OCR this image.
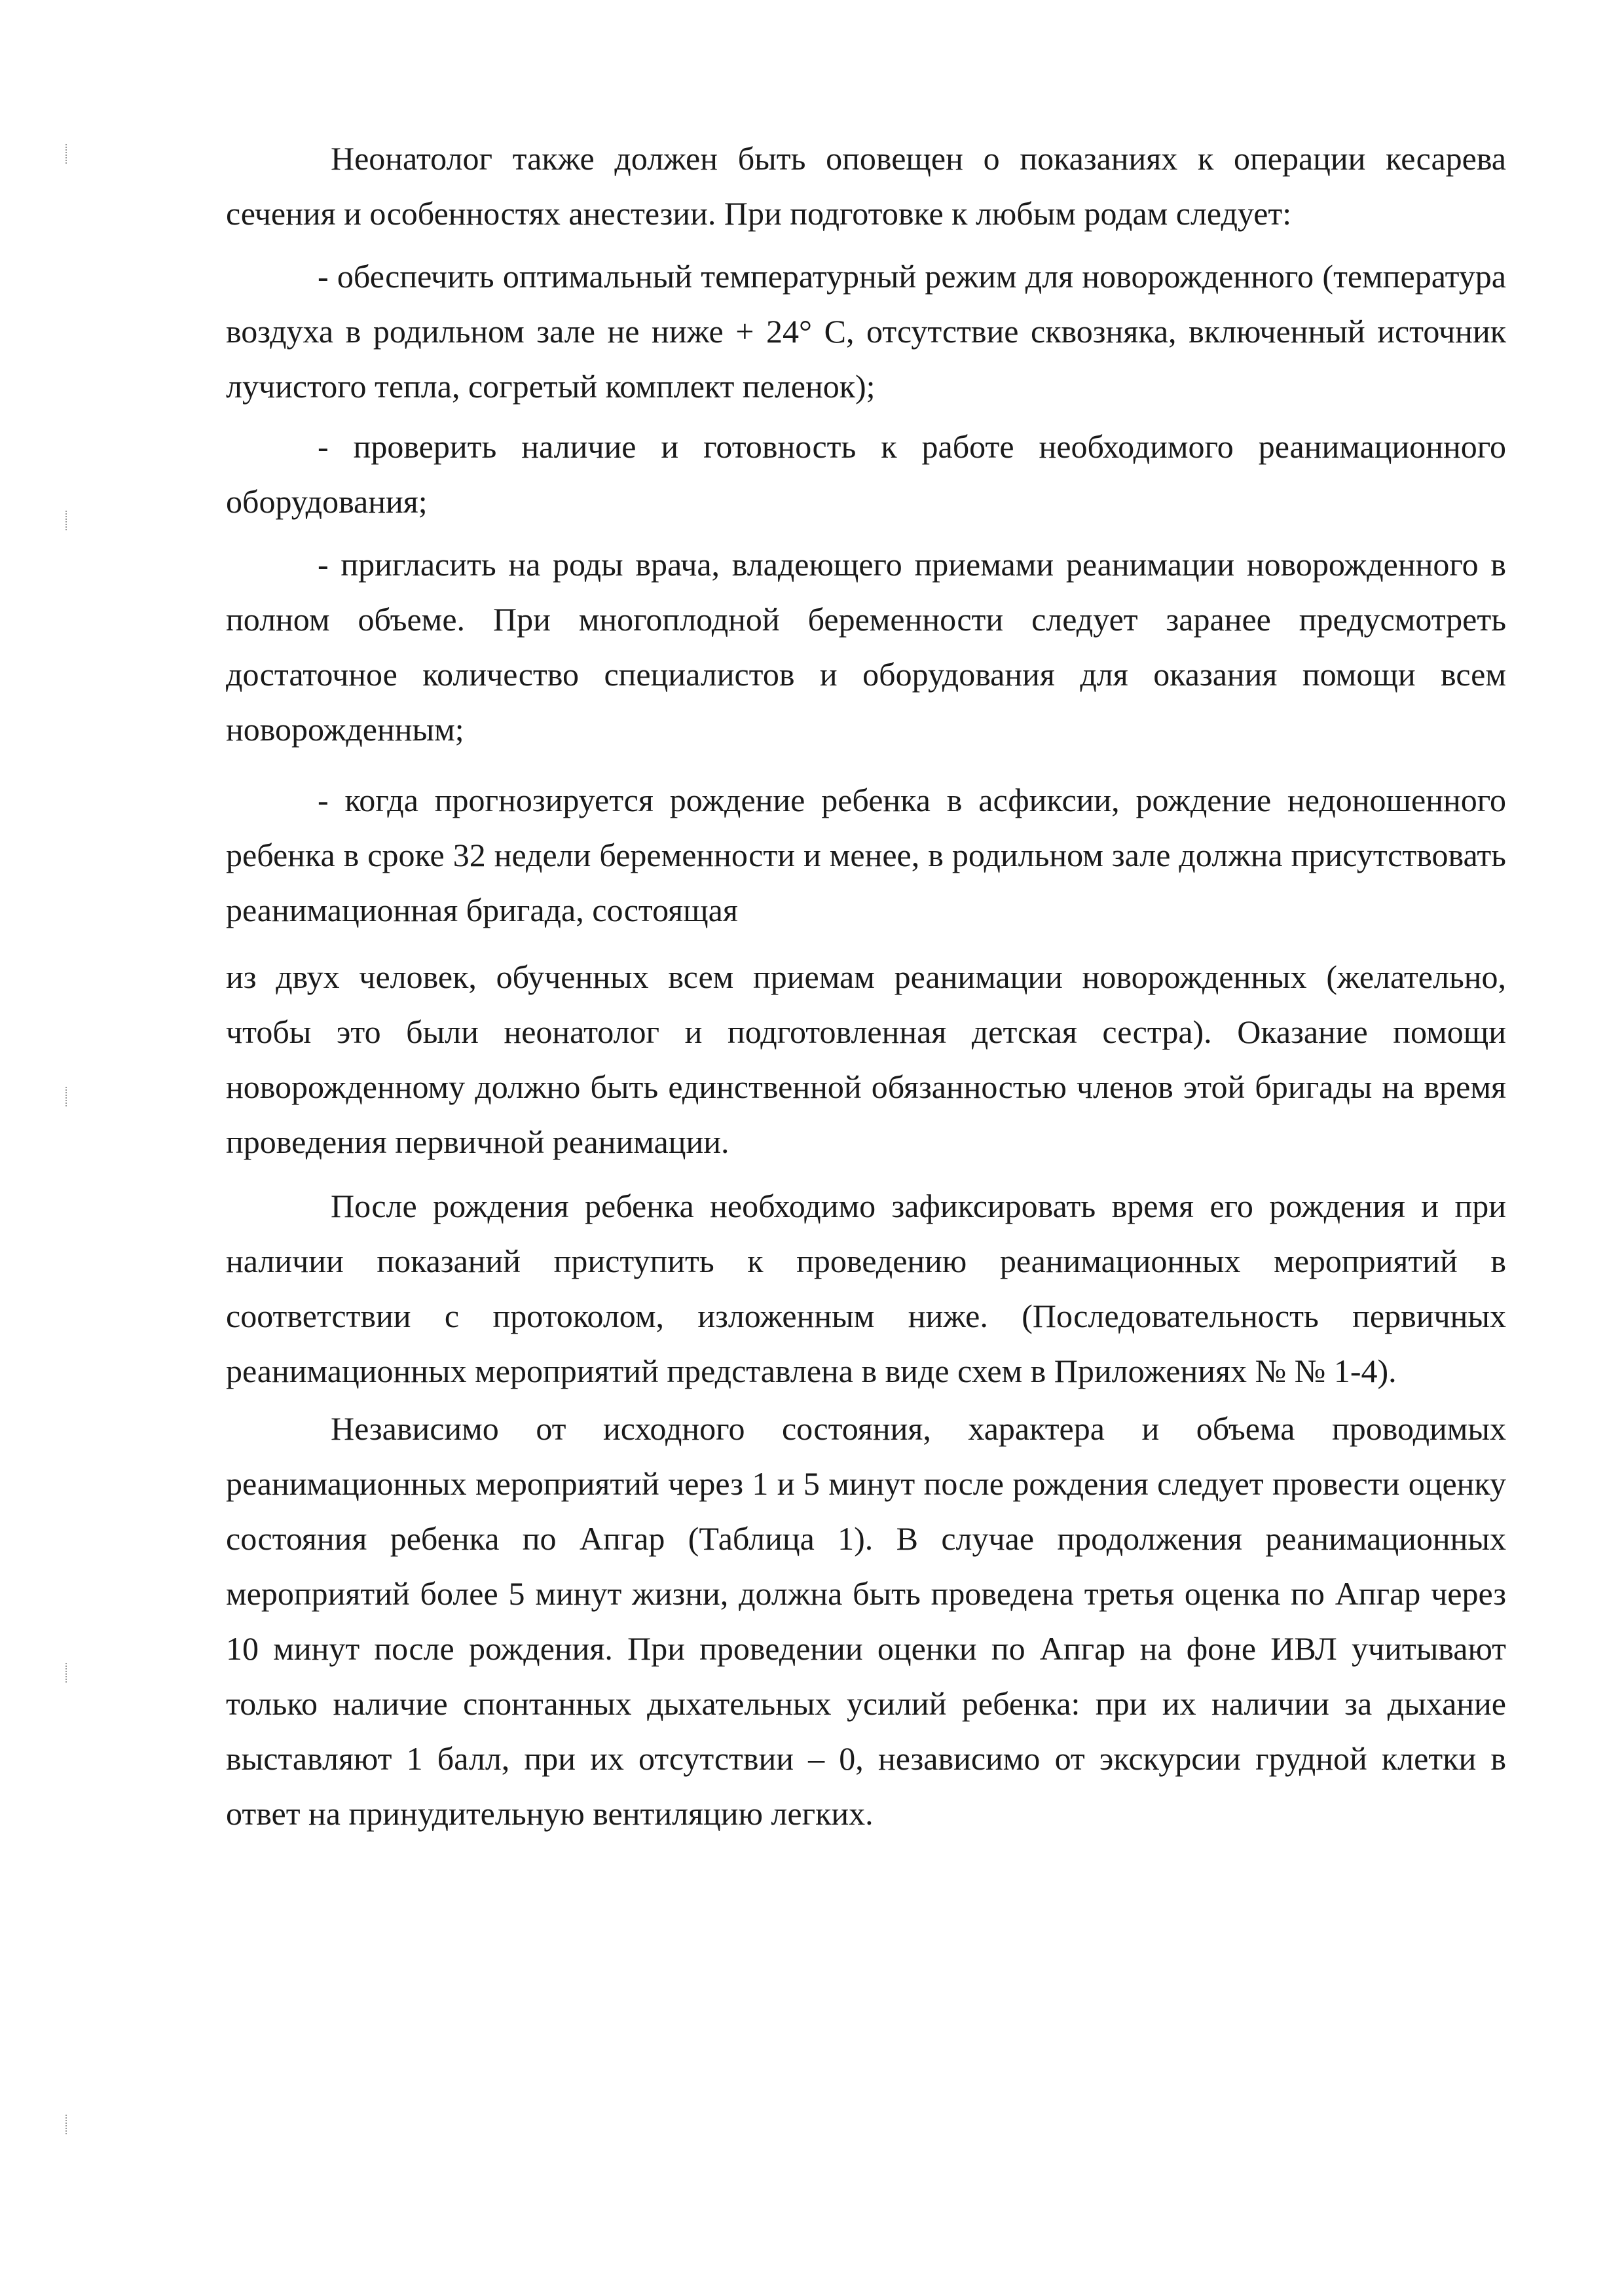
Неонатолог также должен быть оповещен о показаниях к операции кесарева сечения и особенностях анестезии. При подготовке к любым родам следует:

- обеспечить оптимальный температурный режим для новорожденного (температура воздуха в родильном зале не ниже + 24° С, отсутствие сквозняка, включенный источник лучистого тепла, согретый комплект пеленок);

- проверить наличие и готовность к работе необходимого реанимационного оборудования;

- пригласить на роды врача, владеющего приемами реанимации новорожденного в полном объеме. При многоплодной беременности следует заранее предусмотреть достаточное количество специалистов и оборудования для оказания помощи всем новорожденным;

- когда прогнозируется рождение ребенка в асфиксии, рождение недоношенного ребенка в сроке 32 недели беременности и менее, в родильном зале должна присутствовать реанимационная бригада, состоящая

из двух человек, обученных всем приемам реанимации новорожденных (желательно, чтобы это были неонатолог и подготовленная детская сестра). Оказание помощи новорожденному должно быть единственной обязанностью членов этой бригады на время проведения первичной реанимации.

После рождения ребенка необходимо зафиксировать время его рождения и при наличии показаний приступить к проведению реанимационных мероприятий в соответствии с протоколом, изложенным ниже. (Последовательность первичных реанимационных мероприятий представлена в виде схем в Приложениях № № 1-4).

Независимо от исходного состояния, характера и объема проводимых реанимационных мероприятий через 1 и 5 минут после рождения следует провести оценку состояния ребенка по Апгар (Таблица 1). В случае продолжения реанимационных мероприятий более 5 минут жизни, должна быть проведена третья оценка по Апгар через 10 минут после рождения. При проведении оценки по Апгар на фоне ИВЛ учитывают только наличие спонтанных дыхательных усилий ребенка: при их наличии за дыхание выставляют 1 балл, при их отсутствии – 0, независимо от экскурсии грудной клетки в ответ на принудительную вентиляцию легких.
